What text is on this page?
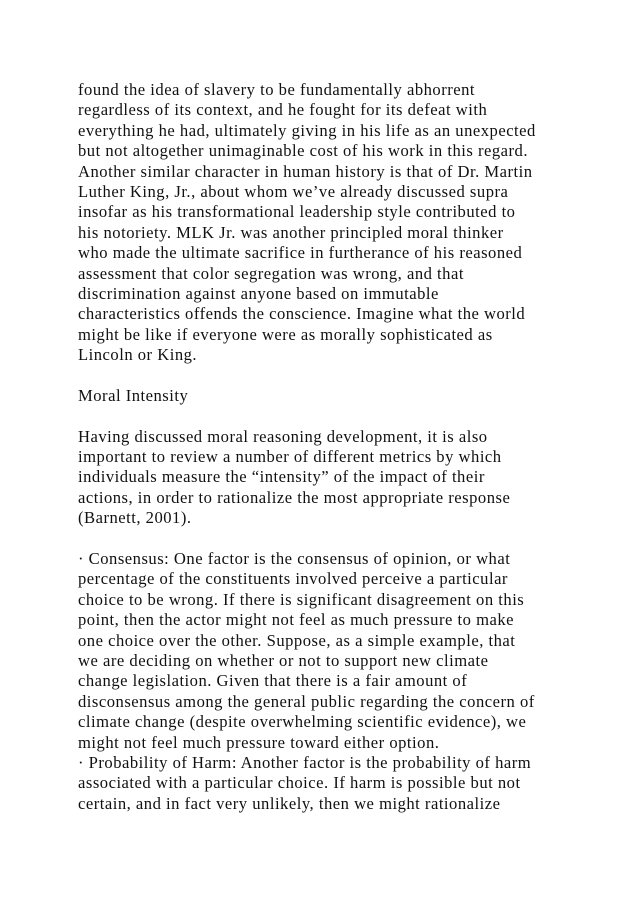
found the idea of slavery to be fundamentally abhorrent
regardless of its context, and he fought for its defeat with
everything he had, ultimately giving in his life as an unexpected
but not altogether unimaginable cost of his work in this regard.
Another similar character in human history is that of Dr. Martin
Luther King, Jr., about whom we’ve already discussed supra
insofar as his transformational leadership style contributed to
his notoriety. MLK Jr. was another principled moral thinker
who made the ultimate sacrifice in furtherance of his reasoned
assessment that color segregation was wrong, and that
discrimination against anyone based on immutable
characteristics offends the conscience. Imagine what the world
might be like if everyone were as morally sophisticated as
Lincoln or King.
Moral Intensity
Having discussed moral reasoning development, it is also
important to review a number of different metrics by which
individuals measure the “intensity” of the impact of their
actions, in order to rationalize the most appropriate response
(Barnett, 2001).
· Consensus: One factor is the consensus of opinion, or what
percentage of the constituents involved perceive a particular
choice to be wrong. If there is significant disagreement on this
point, then the actor might not feel as much pressure to make
one choice over the other. Suppose, as a simple example, that
we are deciding on whether or not to support new climate
change legislation. Given that there is a fair amount of
disconsensus among the general public regarding the concern of
climate change (despite overwhelming scientific evidence), we
might not feel much pressure toward either option.
· Probability of Harm: Another factor is the probability of harm
associated with a particular choice. If harm is possible but not
certain, and in fact very unlikely, then we might rationalize
